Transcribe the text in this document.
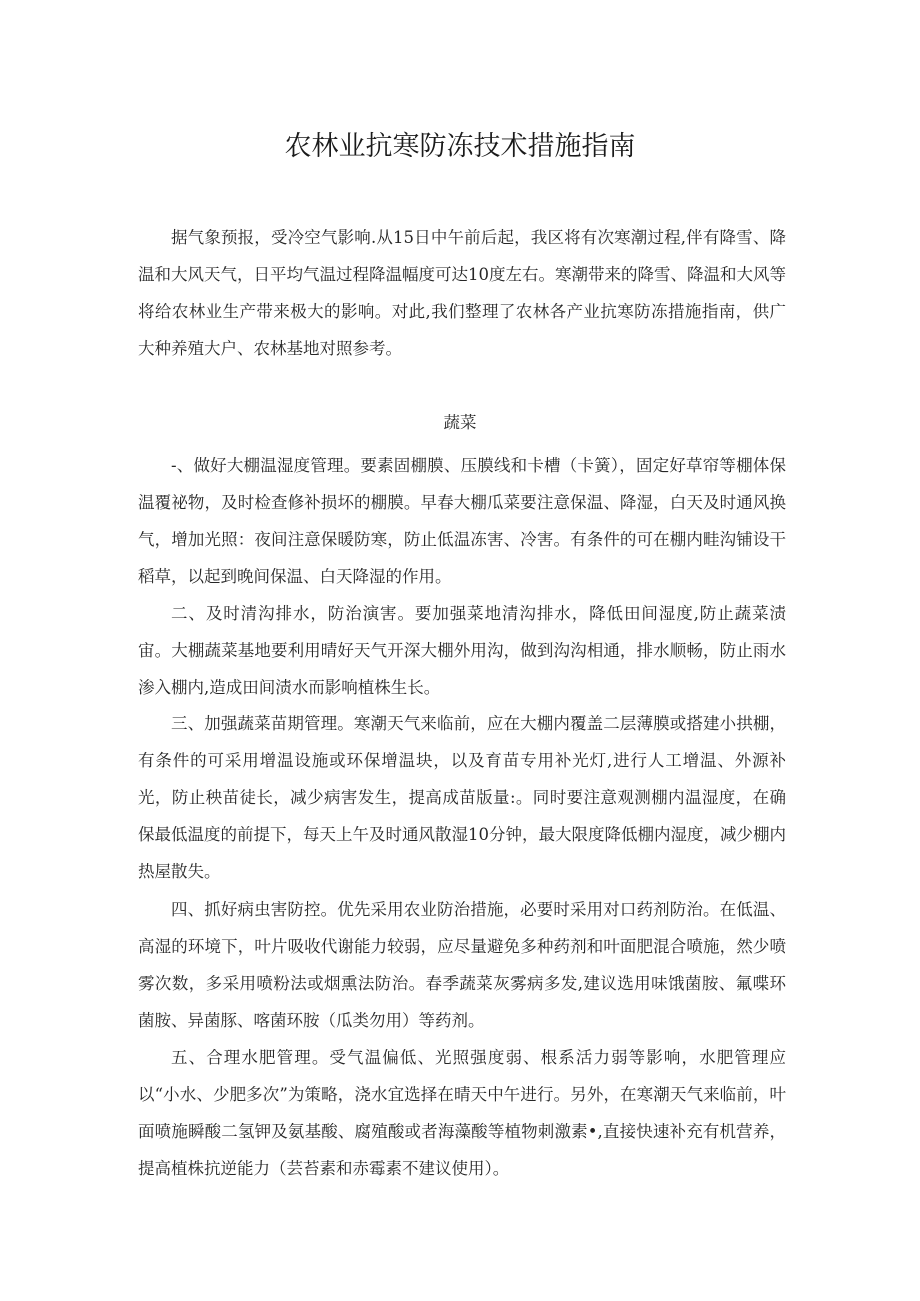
农林业抗寒防冻技术措施指南

据气象预报，受冷空气影响.从15日中午前后起，我区将有次寒潮过程,伴有降雪、降温和大风天气，日平均气温过程降温幅度可达10度左右。寒潮带来的降雪、降温和大风等将给农林业生产带来极大的影响。对此,我们整理了农林各产业抗寒防冻措施指南，供广大种养殖大户、农林基地对照参考。

蔬菜

-、做好大棚温湿度管理。要素固棚膜、压膜线和卡槽（卡簧），固定好草帘等棚体保温覆祕物，及时检查修补损坏的棚膜。早春大棚瓜菜要注意保温、降湿，白天及时通风换气，增加光照：夜间注意保暖防寒，防止低温冻害、冷害。有条件的可在棚内畦沟铺设干稻草，以起到晚间保温、白天降湿的作用。

二、及时清沟排水，防治演害。要加强菜地清沟排水，降低田间湿度,防止蔬菜渍宙。大棚蔬菜基地要利用晴好天气开深大棚外用沟，做到沟沟相通，排水顺畅，防止雨水渗入棚内,造成田间渍水而影响植株生长。

三、加强蔬菜苗期管理。寒潮天气来临前，应在大棚内覆盖二层薄膜或搭建小拱棚，有条件的可采用增温设施或环保增温块，以及育苗专用补光灯,进行人工增温、外源补光，防止秧苗徒长，减少病害发生，提高成苗版量:。同时要注意观测棚内温湿度，在确保最低温度的前提下，每天上午及时通风散湿10分钟，最大限度降低棚内湿度，减少棚内热屋散失。

四、抓好病虫害防控。优先采用农业防治措施，必要时采用对口药剂防治。在低温、高湿的环境下，叶片吸收代谢能力较弱，应尽量避免多种药剂和叶面肥混合喷施，然少喷雾次数，多采用喷粉法或烟熏法防治。春季蔬菜灰雾病多发,建议选用味饿菌胺、氟喋环菌胺、异菌豚、喀菌环胺（瓜类勿用）等药剂。

五、合理水肥管理。受气温偏低、光照强度弱、根系活力弱等影响，水肥管理应以“小水、少肥多次”为策略，浇水宜选择在晴天中午进行。另外，在寒潮天气来临前，叶面喷施瞬酸二氢钾及氨基酸、腐殖酸或者海藻酸等植物刺激素•,直接快速补充有机营养，提高植株抗逆能力（芸苔素和赤霉素不建议使用）。
